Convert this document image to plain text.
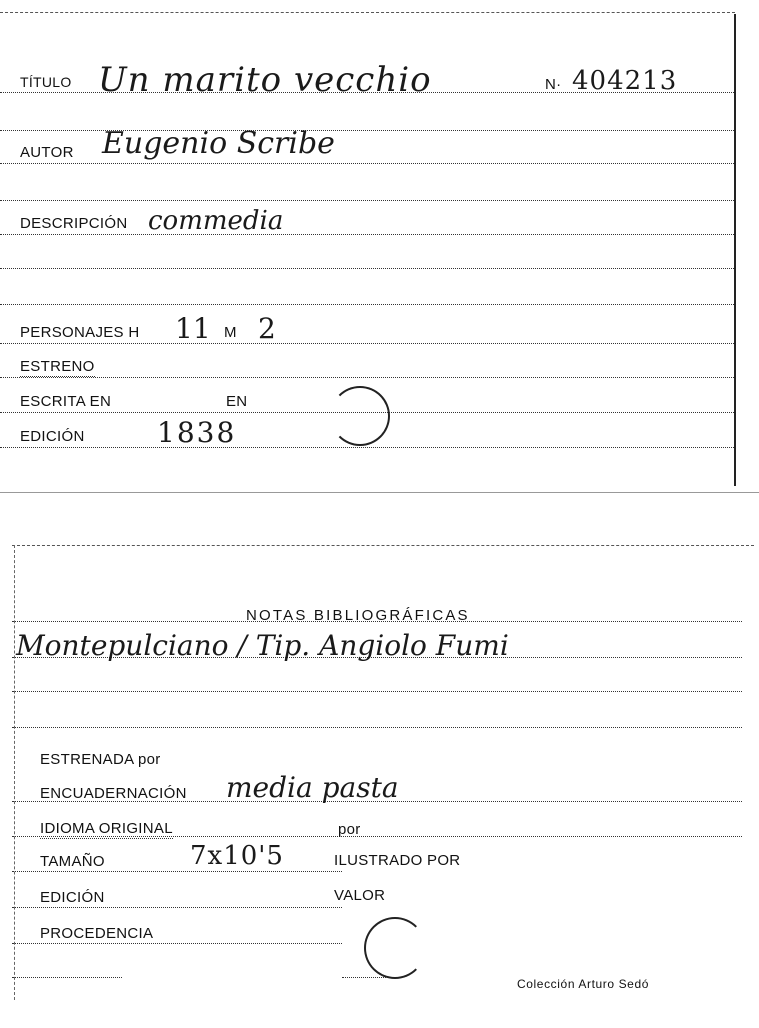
TÍTULO Un marito vecchio	N· 404213
AUTOR Eugenio Scribe
DESCRIPCIÓN commedia
PERSONAJES H 11 M 2
ESTRENO
ESCRITA EN	EN
EDICIÓN	1838
NOTAS BIBLIOGRÁFICAS
Montepulciano / Tip. Angiolo Fumi
ESTRENADA por
ENCUADERNACIÓN media pasta
IDIOMA ORIGINAL	por
TAMAÑO	7x10'5	ILUSTRADO POR
EDICIÓN	VALOR
PROCEDENCIA
Colección Arturo Sedó
